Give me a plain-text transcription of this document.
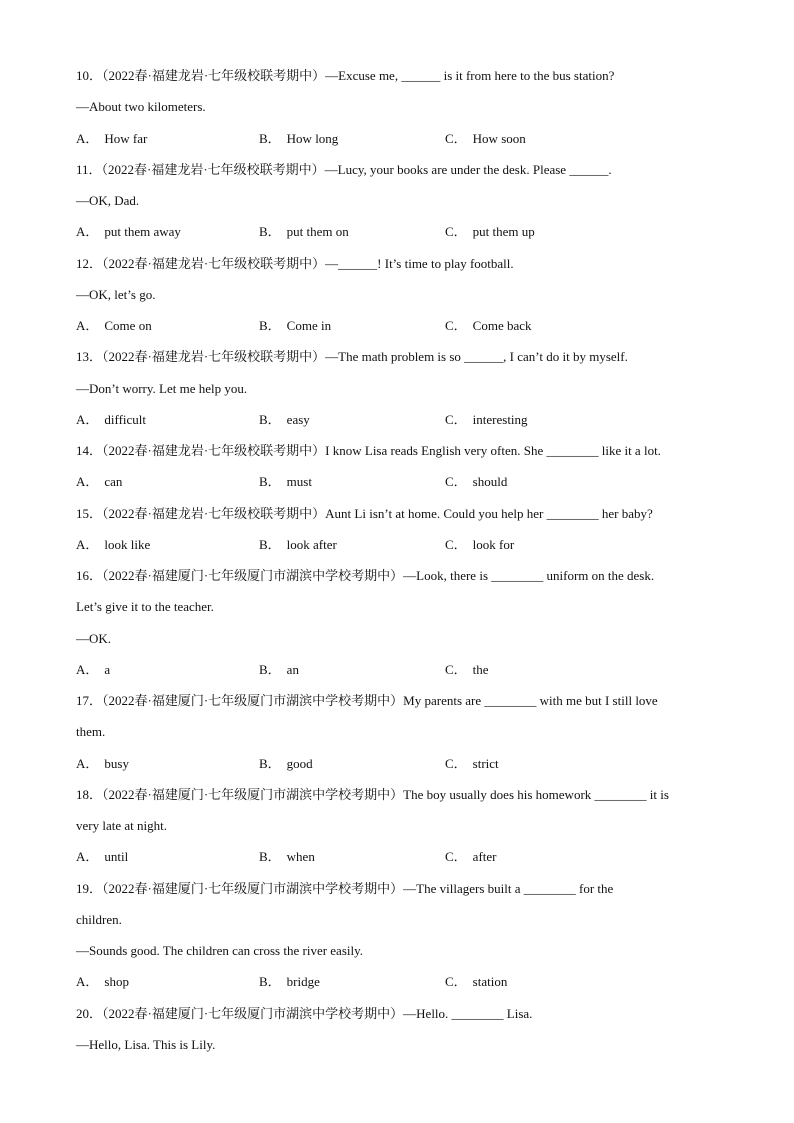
10．（2022春·福建龙岩·七年级校联考期中）—Excuse me, ______ is it from here to the bus station?
—About two kilometers.
A． How far	B． How long	C． How soon
11．（2022春·福建龙岩·七年级校联考期中）—Lucy, your books are under the desk. Please ______.
—OK, Dad.
A． put them away	B． put them on	C． put them up
12．（2022春·福建龙岩·七年级校联考期中）—______! It’s time to play football.
—OK, let’s go.
A． Come on	B． Come in	C． Come back
13．（2022春·福建龙岩·七年级校联考期中）—The math problem is so ______, I can’t do it by myself.
—Don’t worry. Let me help you.
A． difficult	B． easy	C． interesting
14．（2022春·福建龙岩·七年级校联考期中）I know Lisa reads English very often. She ________ like it a lot.
A． can	B． must	C． should
15．（2022春·福建龙岩·七年级校联考期中）Aunt Li isn’t at home. Could you help her ________ her baby?
A． look like	B． look after	C． look for
16．（2022春·福建厦门·七年级厦门市湖滨中学校考期中）—Look, there is ________ uniform on the desk.
Let’s give it to the teacher.
—OK.
A． a	B． an	C． the
17．（2022春·福建厦门·七年级厦门市湖滨中学校考期中）My parents are ________ with me but I still love
them.
A． busy	B． good	C． strict
18．（2022春·福建厦门·七年级厦门市湖滨中学校考期中）The boy usually does his homework ________ it is
very late at night.
A． until	B． when	C． after
19．（2022春·福建厦门·七年级厦门市湖滨中学校考期中）—The villagers built a ________ for the
children.
—Sounds good. The children can cross the river easily.
A． shop	B． bridge	C． station
20．（2022春·福建厦门·七年级厦门市湖滨中学校考期中）—Hello. ________ Lisa.
—Hello, Lisa. This is Lily.
